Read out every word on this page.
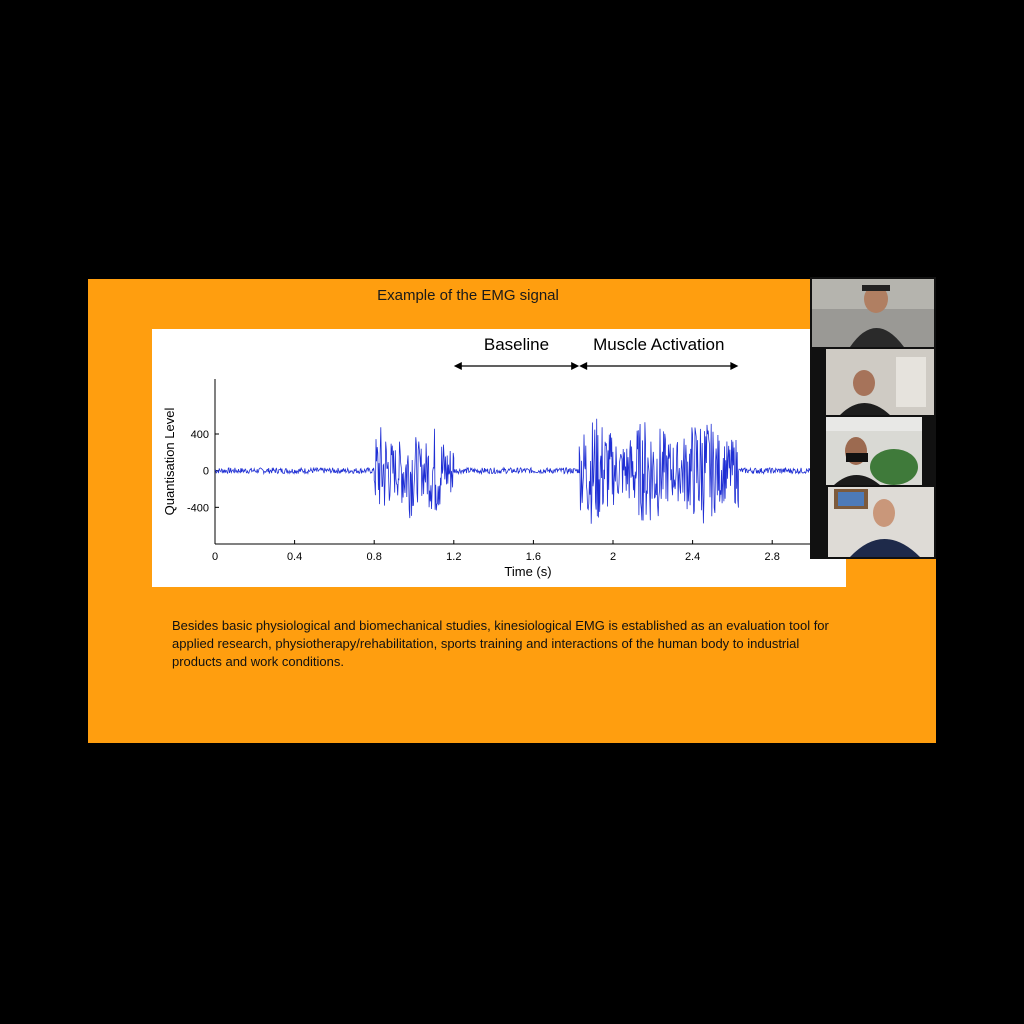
Example of the EMG signal
0	0.4	0.8	1.2	1.6	2	2.4	2.8
400
0
-400
Time (s)
Quantisation Level
Baseline	Muscle Activation
Besides basic physiological and biomechanical studies, kinesiological EMG is established as an evaluation tool for applied research, physiotherapy/rehabilitation, sports training and interactions of the human body to industrial products and work conditions.
